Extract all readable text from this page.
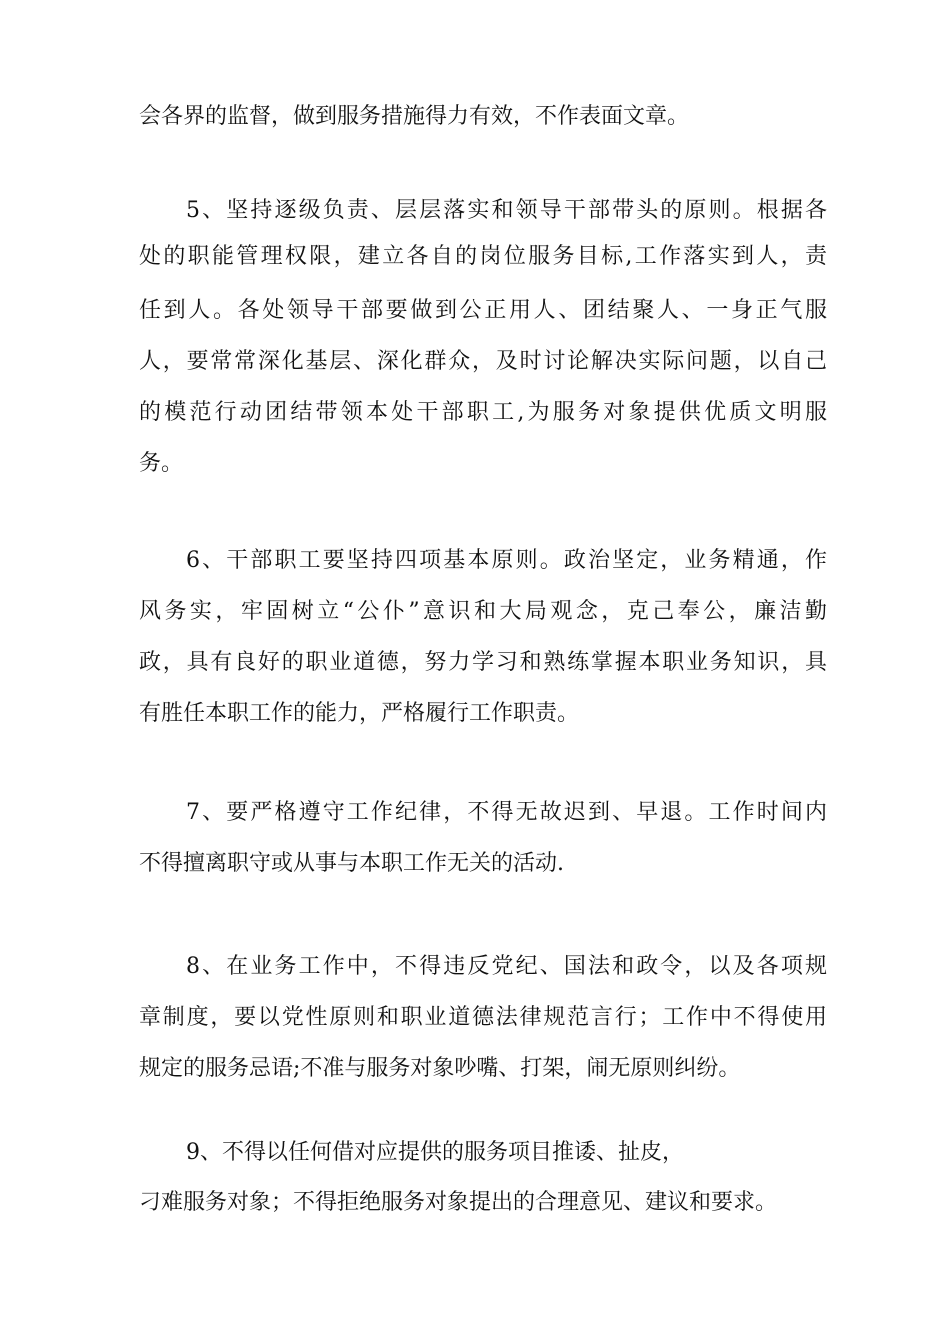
会各界的监督，做到服务措施得力有效，不作表面文章。
5、坚持逐级负责、层层落实和领导干部带头的原则。根据各
处的职能管理权限，建立各自的岗位服务目标,工作落实到人，责
任到人。各处领导干部要做到公正用人、团结聚人、一身正气服
人，要常常深化基层、深化群众，及时讨论解决实际问题，以自己
的模范行动团结带领本处干部职工,为服务对象提供优质文明服
务。
6、干部职工要坚持四项基本原则。政治坚定，业务精通，作
风务实，牢固树立“公仆”意识和大局观念，克己奉公，廉洁勤
政，具有良好的职业道德，努力学习和熟练掌握本职业务知识，具
有胜任本职工作的能力，严格履行工作职责。
7、要严格遵守工作纪律，不得无故迟到、早退。工作时间内
不得擅离职守或从事与本职工作无关的活动.
8、在业务工作中，不得违反党纪、国法和政令，以及各项规
章制度，要以党性原则和职业道德法律规范言行；工作中不得使用
规定的服务忌语;不准与服务对象吵嘴、打架，闹无原则纠纷。
9、不得以任何借对应提供的服务项目推诿、扯皮，
刁难服务对象；不得拒绝服务对象提出的合理意见、建议和要求。
